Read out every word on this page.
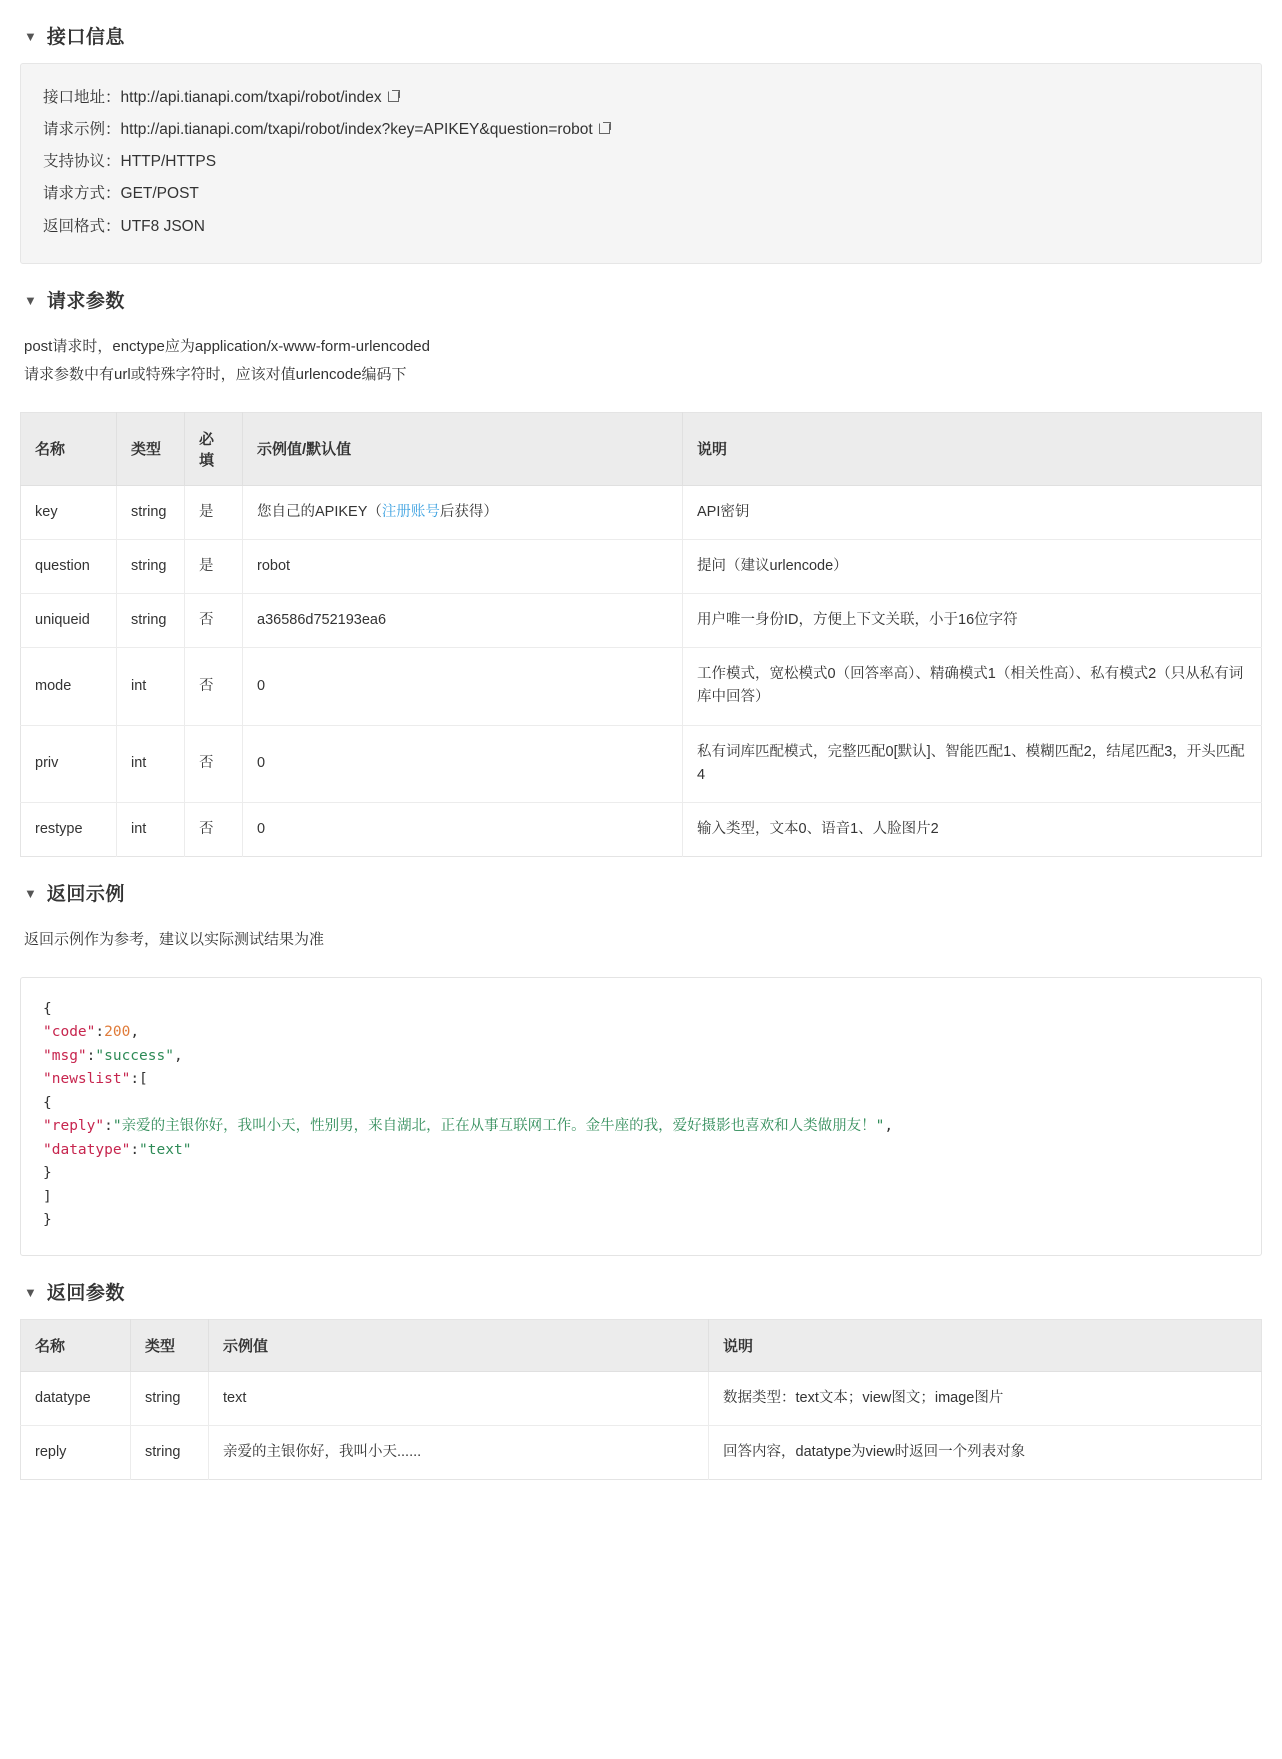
▼ 接口信息
接口地址： http://api.tianapi.com/txapi/robot/index
请求示例： http://api.tianapi.com/txapi/robot/index?key=APIKEY&question=robot
支持协议： HTTP/HTTPS
请求方式： GET/POST
返回格式： UTF8 JSON
▼ 请求参数
post请求时，enctype应为application/x-www-form-urlencoded
请求参数中有url或特殊字符时，应该对值urlencode编码下
名称	类型	必填	示例值/默认值	说明
key	string	是	您自己的APIKEY（注册账号后获得）	API密钥
question	string	是	robot	提问（建议urlencode）
uniqueid	string	否	a36586d752193ea6	用户唯一身份ID，方便上下文关联，小于16位字符
mode	int	否	0	工作模式，宽松模式0（回答率高）、精确模式1（相关性高）、私有模式2（只从私有词库中回答）
priv	int	否	0	私有词库匹配模式，完整匹配0[默认]、智能匹配1、模糊匹配2，结尾匹配3，开头匹配4
restype	int	否	0	输入类型，文本0、语音1、人脸图片2
▼ 返回示例
返回示例作为参考，建议以实际测试结果为准
{
"code":200,
"msg":"success",
"newslist":[
{
"reply":"亲爱的主银你好，我叫小天，性别男，来自湖北，正在从事互联网工作。金牛座的我，爱好摄影也喜欢和人类做朋友！",
"datatype":"text"
}
]
}
▼ 返回参数
名称	类型	示例值	说明
datatype	string	text	数据类型：text文本；view图文；image图片
reply	string	亲爱的主银你好，我叫小天......	回答内容，datatype为view时返回一个列表对象
